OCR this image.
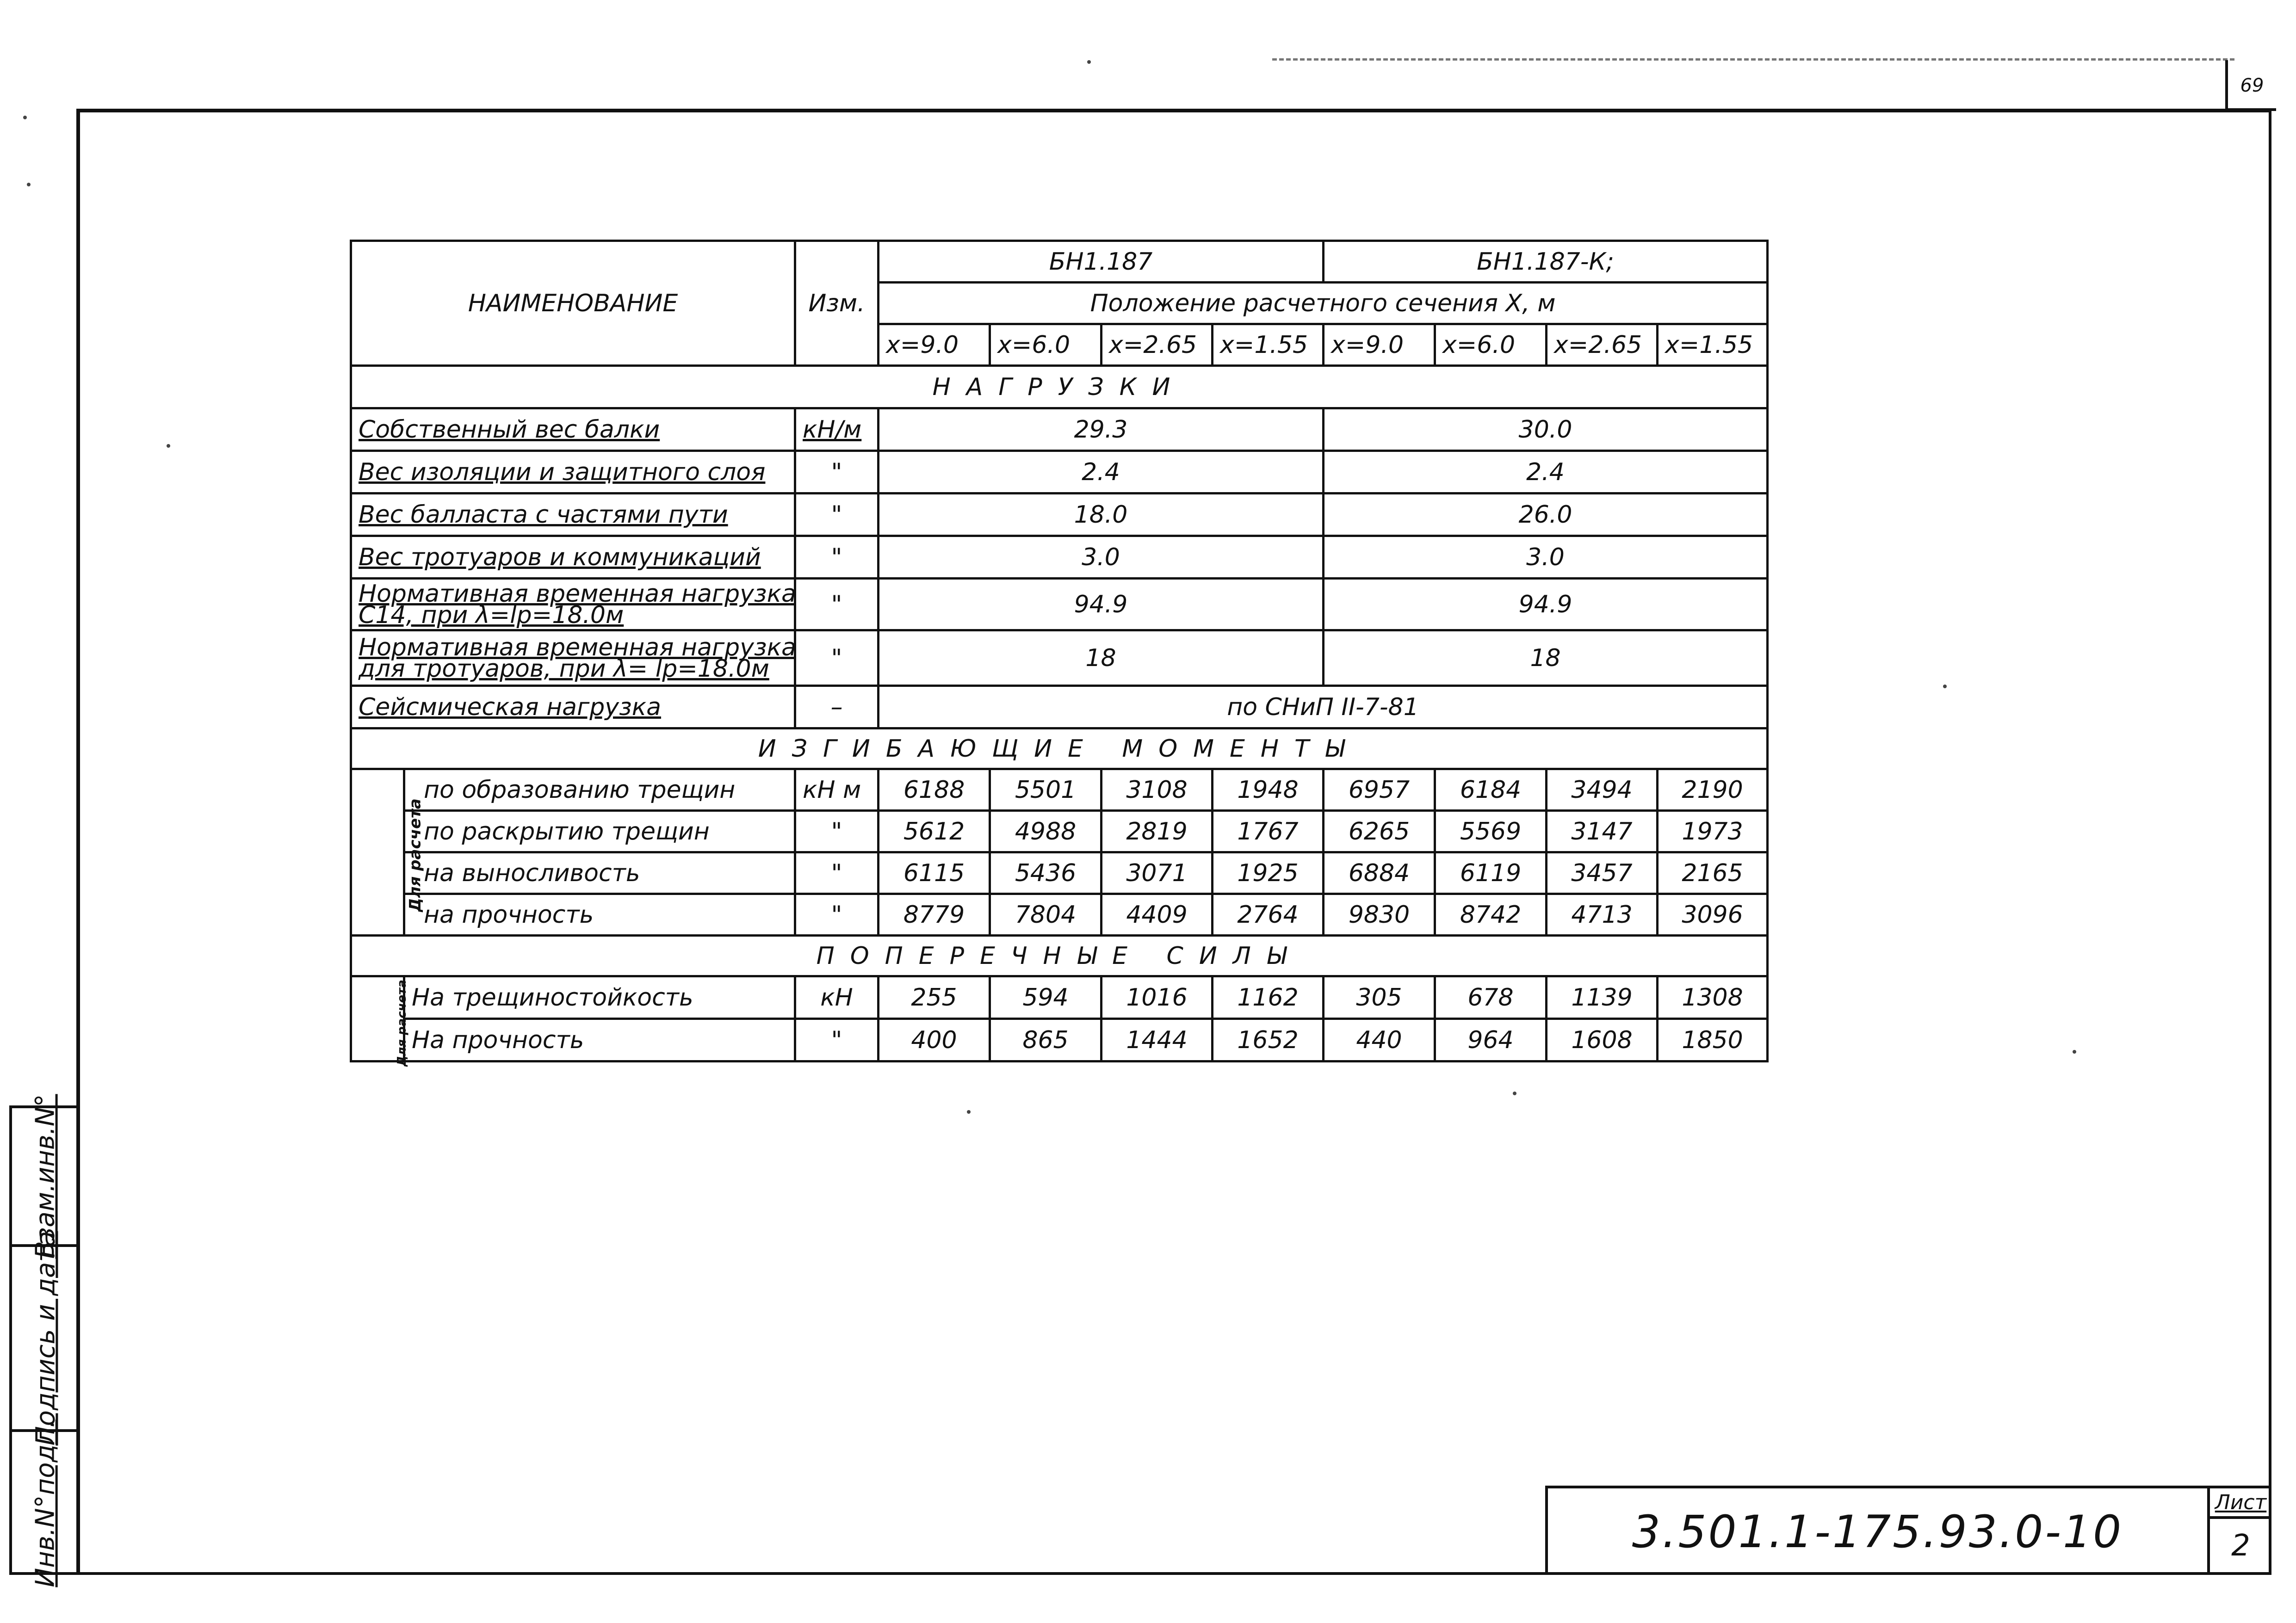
69
Взам.инв.N°
Подпись и дата
Инв.N°подл.
НАИМЕНОВАНИЕ		Изм.	БН1.187				БН1.187-К;			
			Положение расчетного сечения X, м							
			x=9.0	x=6.0	x=2.65	x=1.55	x=9.0	x=6.0	x=2.65	x=1.55
НАГРУЗКИ										
Собственный вес балки		кН/м	29.3				30.0			
Вес изоляции и защитного слоя		"	2.4				2.4			
Вес балласта с частями пути		"	18.0				26.0			
Вес тротуаров и коммуникаций		"	3.0				3.0			

Нормативная временная нагрузка
С14, при λ=lр=18.0м		"	94.9				94.9			

Нормативная временная нагрузка
для тротуаров, при λ= lр=18.0м		"	18				18			
Сейсмическая нагрузка		–	по СНиП II-7-81							
ИЗГИБАЮЩИЕ МОМЕНТЫ										
Для расчета	по образованию трещин	кН м	6188	5501	3108	1948	6957	6184	3494	2190
	по раскрытию трещин	"	5612	4988	2819	1767	6265	5569	3147	1973
	на выносливость	"	6115	5436	3071	1925	6884	6119	3457	2165
	на прочность	"	8779	7804	4409	2764	9830	8742	4713	3096
ПОПЕРЕЧНЫЕ СИЛЫ										
Для расчета	На трещиностойкость	кН	255	594	1016	1162	305	678	1139	1308
	На прочность	"	400	865	1444	1652	440	964	1608	1850
3.501.1-175.93.0-10
Лист
2
